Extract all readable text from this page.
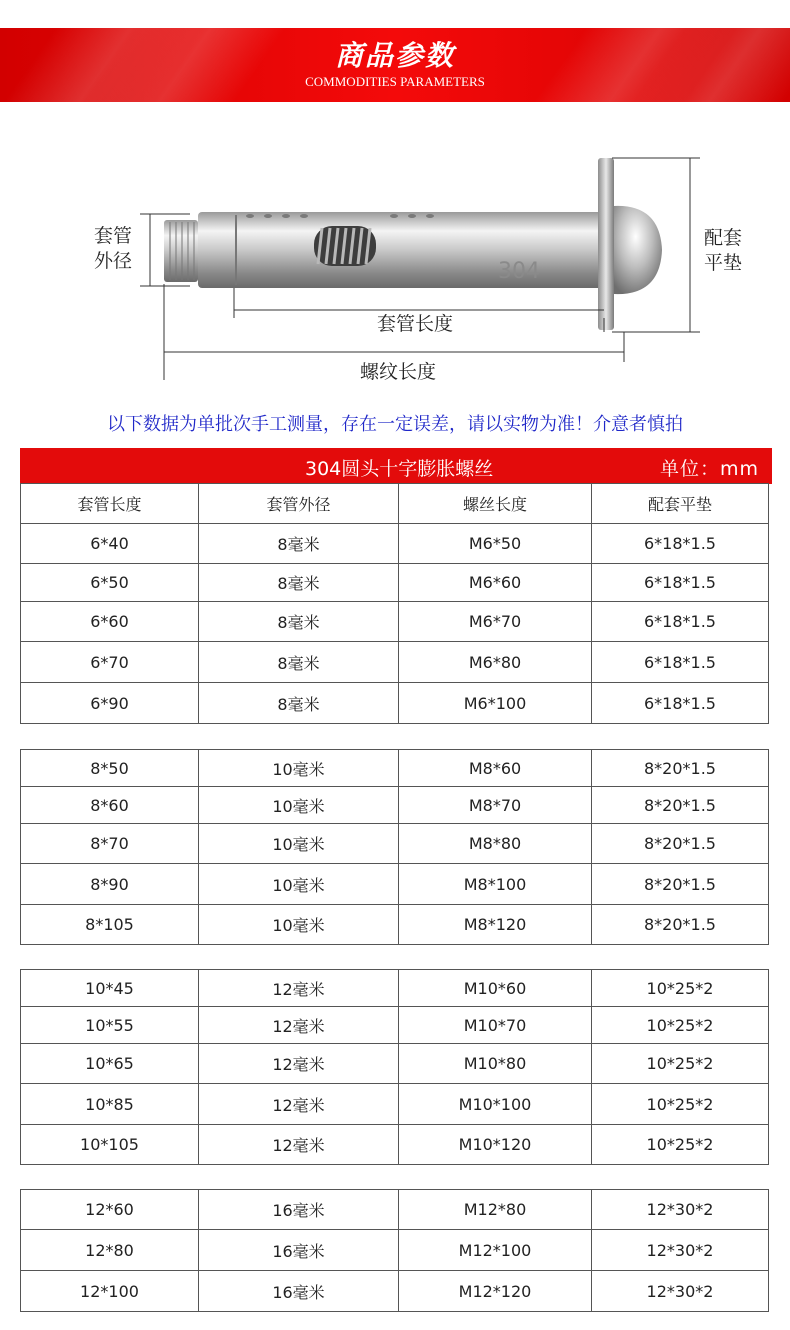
商品参数
COMMODITIES PARAMETERS
304
套管
外径
配套
平垫
套管长度
螺纹长度
以下数据为单批次手工测量，存在一定误差，请以实物为准！介意者慎拍
304圆头十字膨胀螺丝	单位：mm
套管长度	套管外径	螺丝长度	配套平垫
6*40	8毫米	M6*50	6*18*1.5
6*50	8毫米	M6*60	6*18*1.5
6*60	8毫米	M6*70	6*18*1.5
6*70	8毫米	M6*80	6*18*1.5
6*90	8毫米	M6*100	6*18*1.5
8*50	10毫米	M8*60	8*20*1.5
8*60	10毫米	M8*70	8*20*1.5
8*70	10毫米	M8*80	8*20*1.5
8*90	10毫米	M8*100	8*20*1.5
8*105	10毫米	M8*120	8*20*1.5
10*45	12毫米	M10*60	10*25*2
10*55	12毫米	M10*70	10*25*2
10*65	12毫米	M10*80	10*25*2
10*85	12毫米	M10*100	10*25*2
10*105	12毫米	M10*120	10*25*2
12*60	16毫米	M12*80	12*30*2
12*80	16毫米	M12*100	12*30*2
12*100	16毫米	M12*120	12*30*2
